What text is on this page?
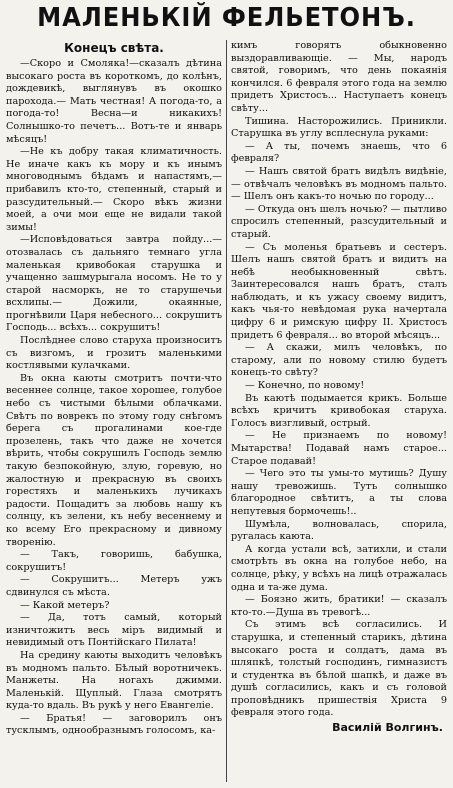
МАЛЕНЬКІЙ ФЕЛЬЕТОНЪ.
Конецъ свѣта.

—Скоро и Смоляка!—сказалъ дѣтина высокаго роста въ короткомъ, до колѣнъ, дождевикѣ, выглянувъ въ окошко парохода.— Мать честная! А погода-то, а погода-то! Весна—и никакихъ! Солнышко-то печетъ... Вотъ-те и январь мѣсяцъ!

—Не къ добру такая климатичность. Не иначе какъ къ мору и къ инымъ многоводнымъ бѣдамъ и напастямъ,—прибавилъ кто-то, степенный, старый и разсудительный.— Скоро вѣкъ жизни моей, а очи мои еще не видали такой зимы!

—Исповѣдоваться завтра пойду...—отозвалась съ дальняго темнаго угла маленькая кривобокая старушка и учащенно зашмурыгала носомъ. Не то у старой насморкъ, не то старушечьи всхлипы.— Дожили, окаянные, прогнѣвили Царя небесного... сокрушитъ Господь... всѣхъ... сокрушитъ!

Послѣднее слово старуха произноситъ съ визгомъ, и грозитъ маленькими костлявыми кулачками.

Въ окна каюты смотритъ почти-что весеннее солнце, такое хорошее, голубое небо съ чистыми бѣлыми облачками. Свѣтъ по воврекъ по этому году снѣгомъ берега съ прогалинами кое-где прозелень, такъ что даже не хочется вѣрить, чтобы сокрушилъ Господь землю такую безпокойную, злую, горевую, но жалостную и прекрасную въ своихъ горестяхъ и маленькихъ лучикахъ радости. Пощадитъ за любовь нашу къ солнцу, къ зелени, къ небу весеннему и ко всему Его прекрасному и дивному творенію.

— Такъ, говоришь, бабушка, сокрушитъ!

— Сокрушитъ... Метеръ ужъ сдвинулся съ мѣста.

— Какой метеръ?

— Да, тотъ самый, который изничтожитъ весь міръ видимый и невидимый отъ Понтійскаго Пилата!

На средину каюты выходитъ человѣкъ въ модномъ пальто. Бѣлый воротничекъ. Манжеты. На ногахъ джимми. Маленькій. Щуплый. Глаза смотрятъ куда-то вдаль. Въ рукѣ у него Евангеліе.

— Братья! — заговорилъ онъ тусклымъ, однообразнымъ голосомъ, ка-

кимъ говорятъ обыкновенно выздоравливающіе. — Мы, народъ святой, говоримъ, что день покаянія кончился. 6 февраля этого года на землю придетъ Христосъ... Наступаетъ конецъ свѣту...

Тишина. Насторожились. Приникли. Старушка въ углу всплеснула руками:

— А ты, почемъ знаешь, что 6 февраля?

— Нашъ святой братъ видѣлъ видѣніе,— отвѣчалъ человѣкъ въ модномъ пальто. — Шелъ онъ какъ-то ночью по городу...

— Откуда онъ шелъ ночью? — пытливо спросилъ степенный, разсудительный и старый.

— Съ моленья братьевъ и сестеръ. Шелъ нашъ святой братъ и видитъ на небѣ необыкновенный свѣтъ. Заинтересовался нашъ братъ, сталъ наблюдать, и къ ужасу своему видитъ, какъ чья-то невѣдомая рука начертала цифру 6 и римскую цифру II. Христосъ придетъ 6 февраля... во второй мѣсяцъ...

— А скажи, милъ человѣкъ, по старому, али по новому стилю будетъ конецъ-то свѣту?

— Конечно, по новому!

Въ каютѣ подымается крикъ. Больше всѣхъ кричитъ кривобокая старуха. Голосъ визгливый, острый.

— Не признаемъ по новому! Мытарства! Подавай намъ старое... Старое подавай!

— Чего это ты умы-то мутишь? Душу нашу тревожишь. Тутъ солнышко благородное свѣтитъ, а ты слова непутевыя бормочешь!..

Шумѣла, волновалась, спорила, ругалась каюта.

А когда устали всѣ, затихли, и стали смотрѣть въ окна на голубое небо, на солнце, рѣку, у всѣхъ на лицѣ отражалась одна и та-же дума.

— Боязно жить, братики! — сказалъ кто-то.—Душа въ тревогѣ...

Съ этимъ всѣ согласились. И старушка, и степенный старикъ, дѣтина высокаго роста и солдатъ, дама въ шляпкѣ, толстый господинъ, гимназистъ и студентка въ бѣлой шапкѣ, и даже въ душѣ согласились, какъ и съ головой проповѣдникъ пришествія Христа 9 февраля этого года.

Василій Волгинъ.
